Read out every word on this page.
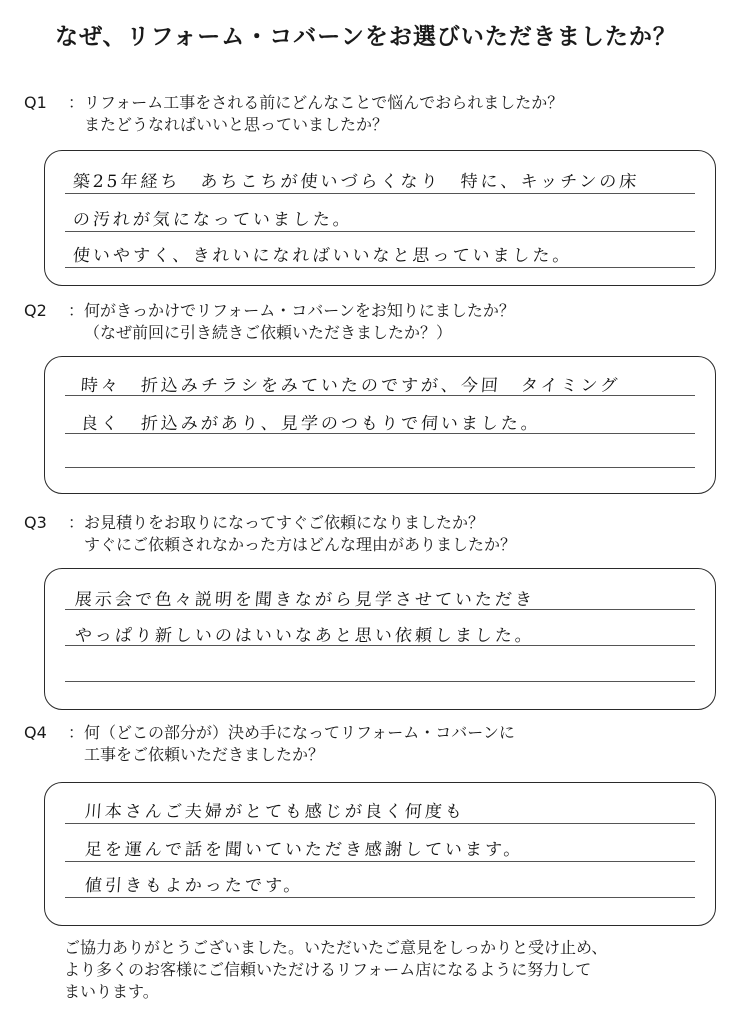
なぜ、リフォーム・コバーンをお選びいただきましたか？
Q1	： リフォーム工事をされる前にどんなことで悩んでおられましたか？
またどうなればいいと思っていましたか？
築25年経ち　あちこちが使いづらくなり　特に、キッチンの床
の汚れが気になっていました。
使いやすく、きれいになればいいなと思っていました。
Q2	： 何がきっかけでリフォーム・コバーンをお知りにましたか？
（なぜ前回に引き続きご依頼いただきましたか？）
時々　折込みチラシをみていたのですが、今回　タイミング
良く　折込みがあり、見学のつもりで伺いました。
Q3	： お見積りをお取りになってすぐご依頼になりましたか？
すぐにご依頼されなかった方はどんな理由がありましたか？
展示会で色々説明を聞きながら見学させていただき
やっぱり新しいのはいいなあと思い依頼しました。
Q4	： 何（どこの部分が）決め手になってリフォーム・コバーンに
工事をご依頼いただきましたか？
川本さんご夫婦がとても感じが良く何度も
足を運んで話を聞いていただき感謝しています。
値引きもよかったです。
ご協力ありがとうございました。いただいたご意見をしっかりと受け止め、
より多くのお客様にご信頼いただけるリフォーム店になるように努力して
まいります。
